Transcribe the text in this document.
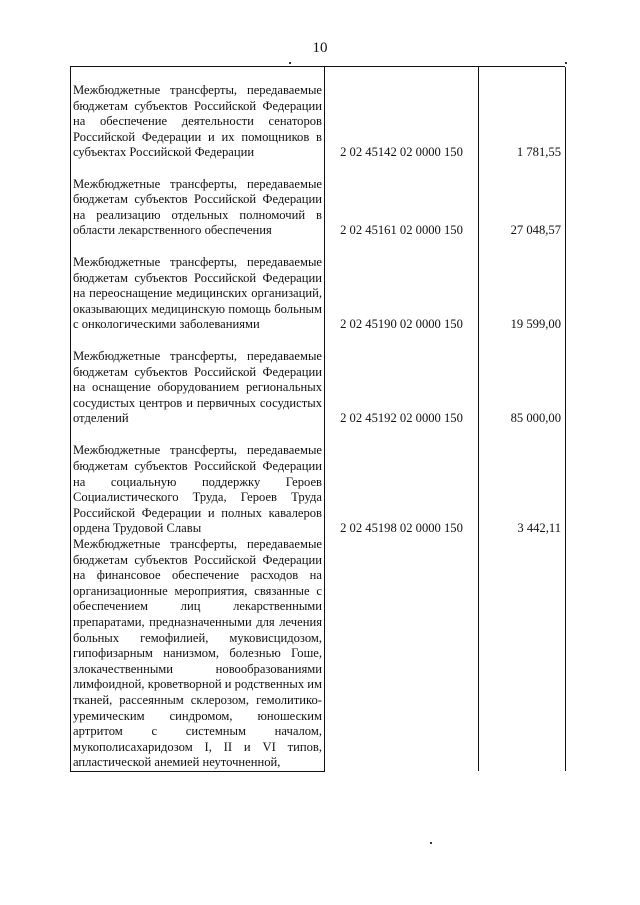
10
Межбюджетные трансферты, передаваемые бюджетам субъектов Российской Федерации на обеспечение деятельности сенаторов Российской Федерации и их помощников в субъектах Российской Федерации	2 02 45142 02 0000 150	1 781,55
Межбюджетные трансферты, передаваемые бюджетам субъектов Российской Федерации на реализацию отдельных полномочий в области лекарственного обеспечения	2 02 45161 02 0000 150	27 048,57
Межбюджетные трансферты, передаваемые бюджетам субъектов Российской Федерации на переоснащение медицинских организаций, оказывающих медицинскую помощь больным с онкологическими заболеваниями	2 02 45190 02 0000 150	19 599,00
Межбюджетные трансферты, передаваемые бюджетам субъектов Российской Федерации на оснащение оборудованием региональных сосудистых центров и первичных сосудистых отделений	2 02 45192 02 0000 150	85 000,00
Межбюджетные трансферты, передаваемые бюджетам субъектов Российской Федерации на социальную поддержку Героев Социалистического Труда, Героев Труда Российской Федерации и полных кавалеров ордена Трудовой Славы	2 02 45198 02 0000 150	3 442,11
Межбюджетные трансферты, передаваемые бюджетам субъектов Российской Федерации на финансовое обеспечение расходов на организационные мероприятия, связанные с обеспечением лиц лекарственными препаратами, предназначенными для лечения больных гемофилией, муковисцидозом, гипофизарным нанизмом, болезнью Гоше, злокачественными новообразованиями лимфоидной, кроветворной и родственных им тканей, рассеянным склерозом, гемолитико-уремическим синдромом, юношеским артритом с системным началом, мукополисахаридозом I, II и VI типов, апластической анемией неуточненной,		
